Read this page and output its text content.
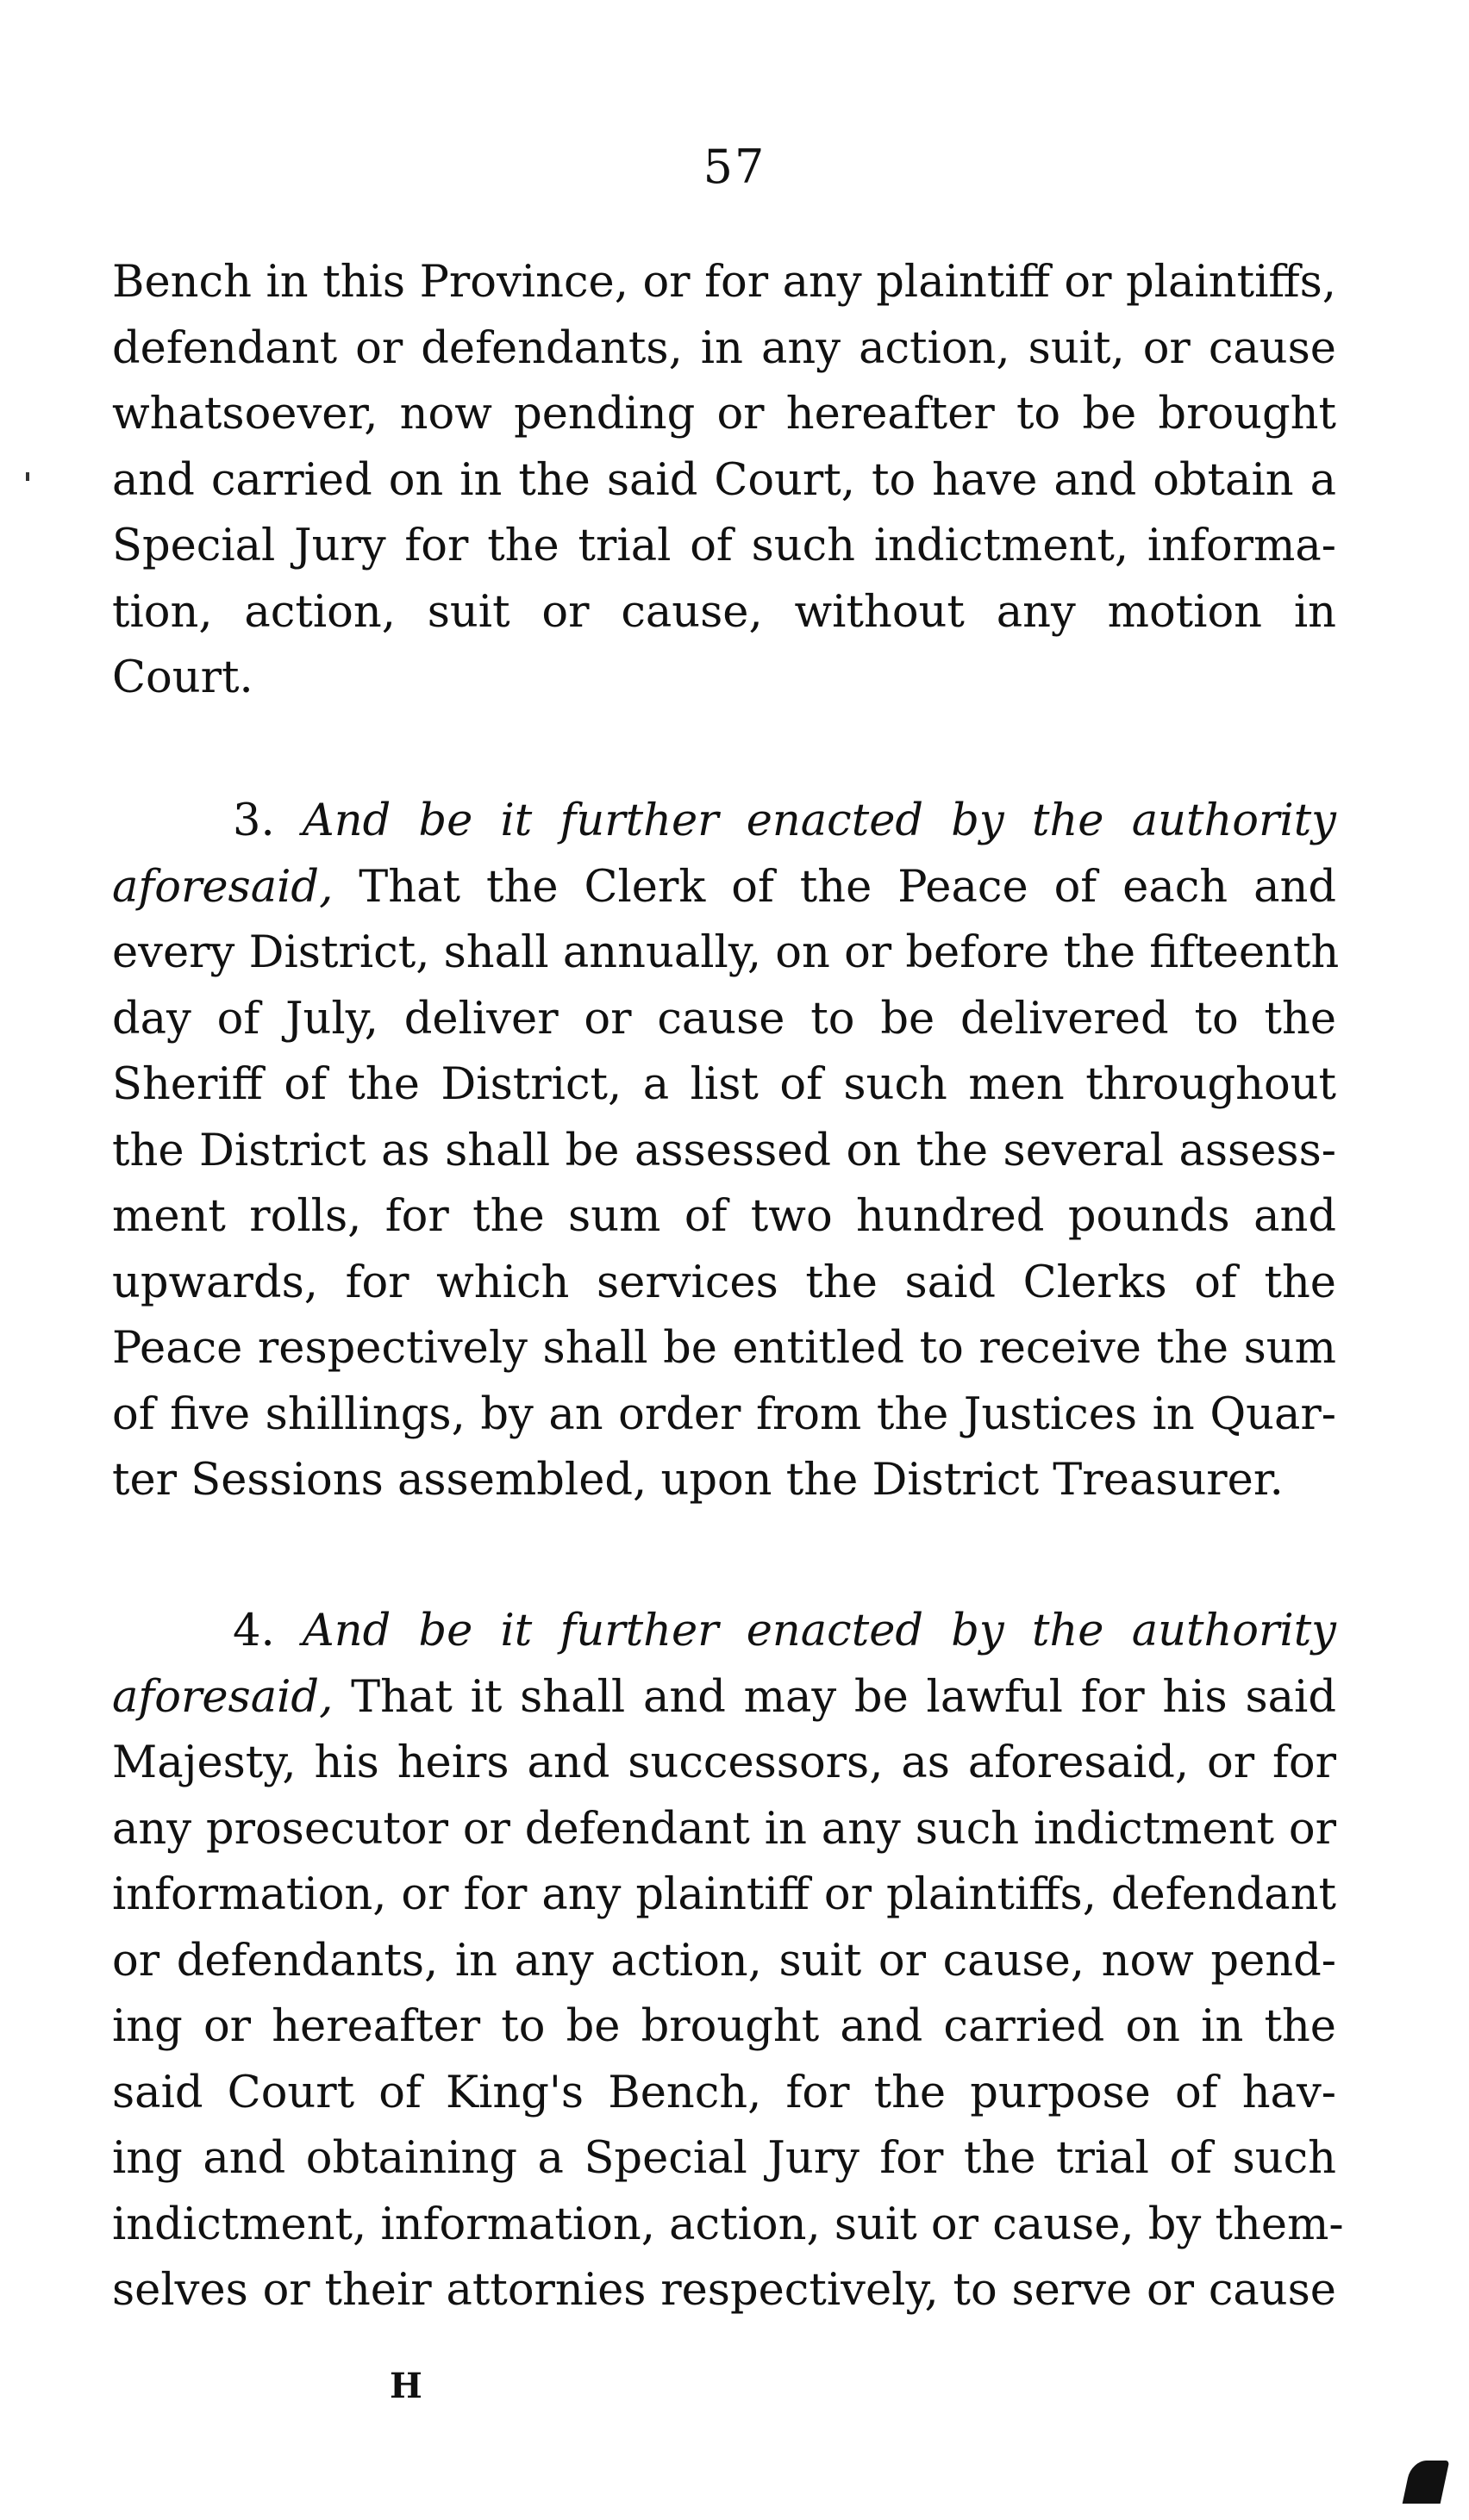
57

Bench in this Province, or for any plaintiff or plaintiffs,
defendant or defendants, in any action, suit, or cause
whatsoever, now pending or hereafter to be brought
and carried on in the said Court, to have and obtain a
Special Jury for the trial of such indictment, informa-
tion, action, suit or cause, without any motion in
Court.

3. And be it further enacted by the authority
aforesaid, That the Clerk of the Peace of each and
every District, shall annually, on or before the fifteenth
day of July, deliver or cause to be delivered to the
Sheriff of the District, a list of such men throughout
the District as shall be assessed on the several assess-
ment rolls, for the sum of two hundred pounds and
upwards, for which services the said Clerks of the
Peace respectively shall be entitled to receive the sum
of five shillings, by an order from the Justices in Quar-
ter Sessions assembled, upon the District Treasurer.

4. And be it further enacted by the authority
aforesaid, That it shall and may be lawful for his said
Majesty, his heirs and successors, as aforesaid, or for
any prosecutor or defendant in any such indictment or
information, or for any plaintiff or plaintiffs, defendant
or defendants, in any action, suit or cause, now pend-
ing or hereafter to be brought and carried on in the
said Court of King's Bench, for the purpose of hav-
ing and obtaining a Special Jury for the trial of such
indictment, information, action, suit or cause, by them-
selves or their attornies respectively, to serve or cause

H
